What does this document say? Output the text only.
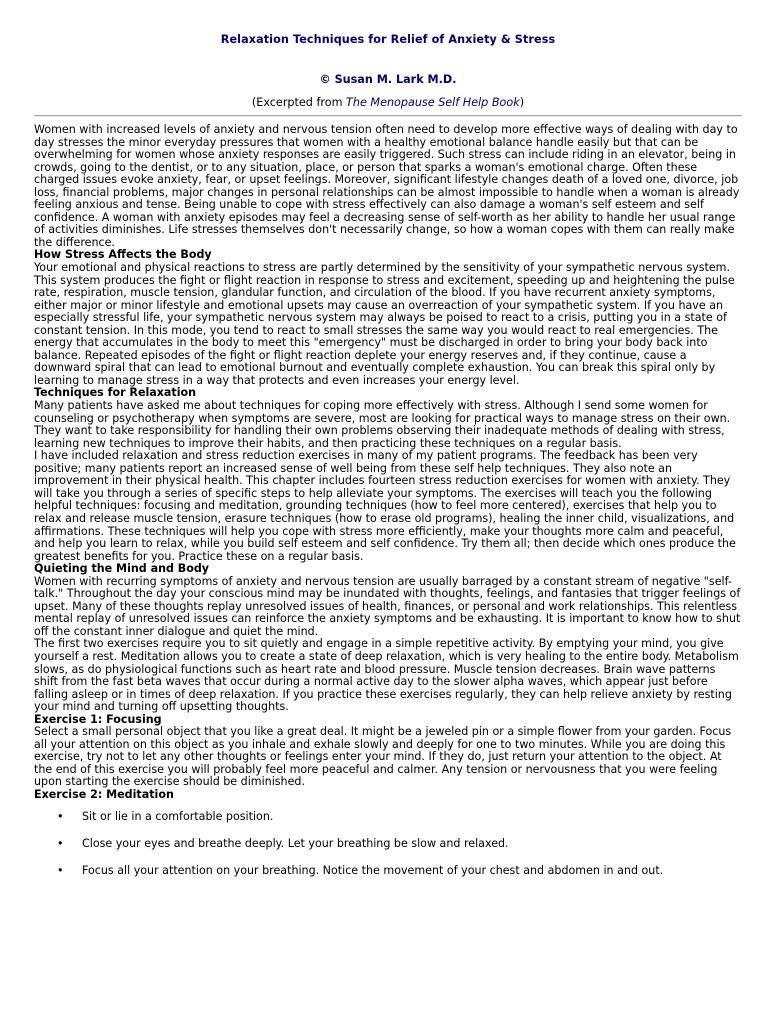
Relaxation Techniques for Relief of Anxiety & Stress
© Susan M. Lark M.D.
(Excerpted from The Menopause Self Help Book)

Women with increased levels of anxiety and nervous tension often need to develop more effective ways of dealing with day to day stresses the minor everyday pressures that women with a healthy emotional balance handle easily but that can be overwhelming for women whose anxiety responses are easily triggered. Such stress can include riding in an elevator, being in crowds, going to the dentist, or to any situation, place, or person that sparks a woman's emotional charge. Often these charged issues evoke anxiety, fear, or upset feelings. Moreover, significant lifestyle changes death of a loved one, divorce, job loss, financial problems, major changes in personal relationships can be almost impossible to handle when a woman is already feeling anxious and tense. Being unable to cope with stress effectively can also damage a woman's self esteem and self confidence. A woman with anxiety episodes may feel a decreasing sense of self-worth as her ability to handle her usual range of activities diminishes. Life stresses themselves don't necessarily change, so how a woman copes with them can really make the difference.

How Stress Affects the Body

Your emotional and physical reactions to stress are partly determined by the sensitivity of your sympathetic nervous system. This system produces the fight or flight reaction in response to stress and excitement, speeding up and heightening the pulse rate, respiration, muscle tension, glandular function, and circulation of the blood. If you have recurrent anxiety symptoms, either major or minor lifestyle and emotional upsets may cause an overreaction of your sympathetic system. If you have an especially stressful life, your sympathetic nervous system may always be poised to react to a crisis, putting you in a state of constant tension. In this mode, you tend to react to small stresses the same way you would react to real emergencies. The energy that accumulates in the body to meet this "emergency" must be discharged in order to bring your body back into balance. Repeated episodes of the fight or flight reaction deplete your energy reserves and, if they continue, cause a downward spiral that can lead to emotional burnout and eventually complete exhaustion. You can break this spiral only by learning to manage stress in a way that protects and even increases your energy level.

Techniques for Relaxation

Many patients have asked me about techniques for coping more effectively with stress. Although I send some women for counseling or psychotherapy when symptoms are severe, most are looking for practical ways to manage stress on their own. They want to take responsibility for handling their own problems observing their inadequate methods of dealing with stress, learning new techniques to improve their habits, and then practicing these techniques on a regular basis.

I have included relaxation and stress reduction exercises in many of my patient programs. The feedback has been very positive; many patients report an increased sense of well being from these self help techniques. They also note an improvement in their physical health. This chapter includes fourteen stress reduction exercises for women with anxiety. They will take you through a series of specific steps to help alleviate your symptoms. The exercises will teach you the following helpful techniques: focusing and meditation, grounding techniques (how to feel more centered), exercises that help you to relax and release muscle tension, erasure techniques (how to erase old programs), healing the inner child, visualizations, and affirmations. These techniques will help you cope with stress more efficiently, make your thoughts more calm and peaceful, and help you learn to relax, while you build self esteem and self confidence. Try them all; then decide which ones produce the greatest benefits for you. Practice these on a regular basis.

Quieting the Mind and Body

Women with recurring symptoms of anxiety and nervous tension are usually barraged by a constant stream of negative "self-talk." Throughout the day your conscious mind may be inundated with thoughts, feelings, and fantasies that trigger feelings of upset. Many of these thoughts replay unresolved issues of health, finances, or personal and work relationships. This relentless mental replay of unresolved issues can reinforce the anxiety symptoms and be exhausting. It is important to know how to shut off the constant inner dialogue and quiet the mind.

The first two exercises require you to sit quietly and engage in a simple repetitive activity. By emptying your mind, you give yourself a rest. Meditation allows you to create a state of deep relaxation, which is very healing to the entire body. Metabolism slows, as do physiological functions such as heart rate and blood pressure. Muscle tension decreases. Brain wave patterns shift from the fast beta waves that occur during a normal active day to the slower alpha waves, which appear just before falling asleep or in times of deep relaxation. If you practice these exercises regularly, they can help relieve anxiety by resting your mind and turning off upsetting thoughts.

Exercise 1: Focusing

Select a small personal object that you like a great deal. It might be a jeweled pin or a simple flower from your garden. Focus all your attention on this object as you inhale and exhale slowly and deeply for one to two minutes. While you are doing this exercise, try not to let any other thoughts or feelings enter your mind. If they do, just return your attention to the object. At the end of this exercise you will probably feel more peaceful and calmer. Any tension or nervousness that you were feeling upon starting the exercise should be diminished.

Exercise 2: Meditation
• Sit or lie in a comfortable position.
• Close your eyes and breathe deeply. Let your breathing be slow and relaxed.
• Focus all your attention on your breathing. Notice the movement of your chest and abdomen in and out.
